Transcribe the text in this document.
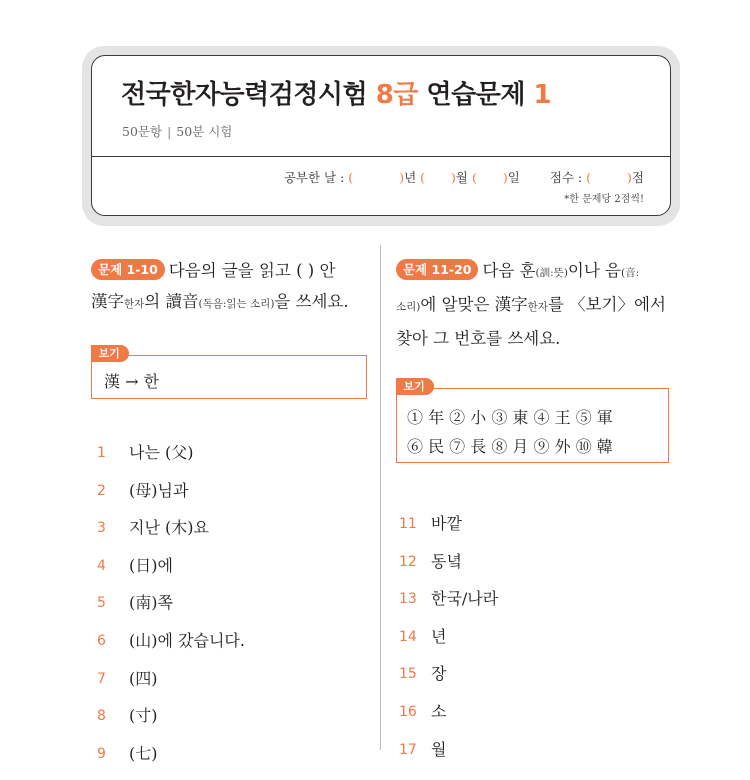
전국한자능력검정시험 8급 연습문제 1
50문항 | 50분 시험
공부한 날 : (	)년 ( )월 ( )일 점수 : (	)점
*한 문제당 2점씩!
문제 1-10 다음의 글을 읽고 ( ) 안
漢字한자의 讀音(독음:읽는 소리)을 쓰세요.
보기
漢 → 한
1 나는 (父)
2 (母)님과
3 지난 (木)요
4 (日)에
5 (南)쪽
6 (山)에 갔습니다.
7 (四)
8 (寸)
9 (七)
문제 11-20 다음 훈(訓:뜻)이나 음(音:
소리)에 알맞은 漢字한자를 〈보기〉에서
찾아 그 번호를 쓰세요.
보기
① 年 ② 小 ③ 東 ④ 王 ⑤ 軍
⑥ 民 ⑦ 長 ⑧ 月 ⑨ 外 ⑩ 韓
11 바깥
12 동녘
13 한국/나라
14 년
15 장
16 소
17 월
